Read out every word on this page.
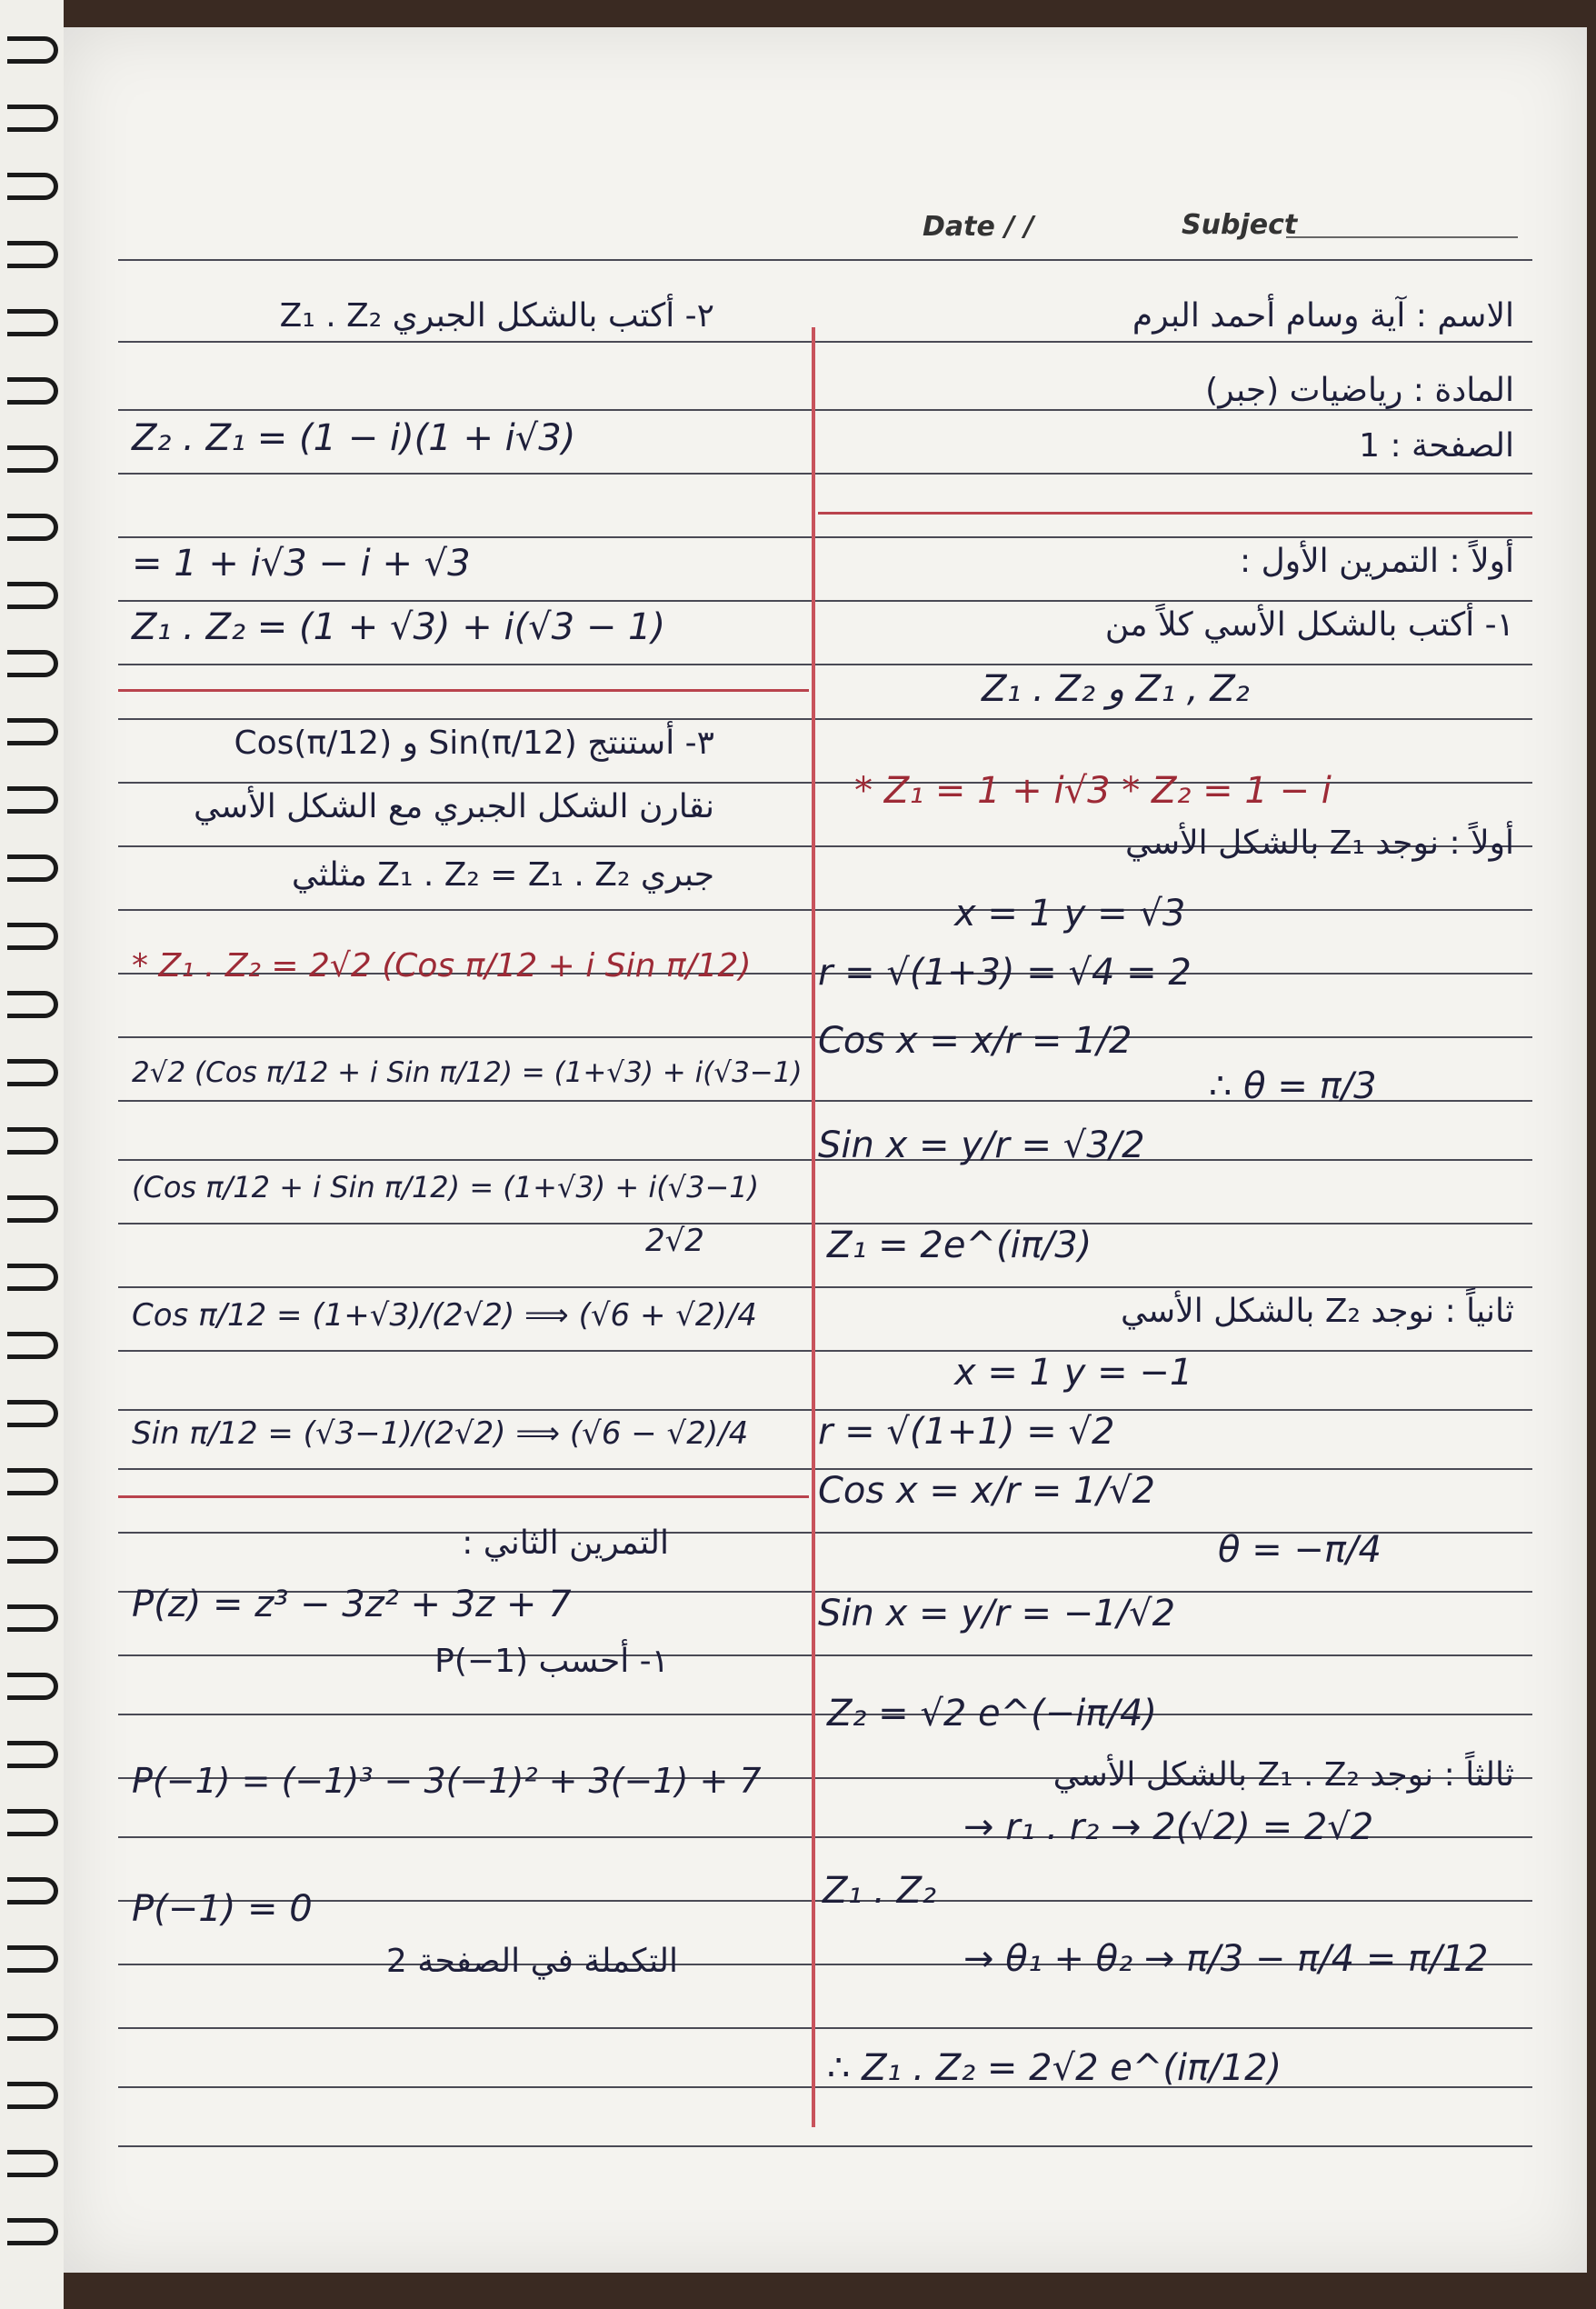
Date / /	Subject
الاسم : آية وسام أحمد البرم
المادة : رياضيات (جبر)
الصفحة : 1
أولاً : التمرين الأول :
١- أكتب بالشكل الأسي كلاً من
Z₁ , Z₂ و Z₁ . Z₂
* Z₁ = 1 + i√3 * Z₂ = 1 − i
أولاً : نوجد Z₁ بالشكل الأسي
x = 1 y = √3
r = √(1+3) = √4 = 2
Cos x = x/r = 1/2
∴ θ = π/3
Sin x = y/r = √3/2
Z₁ = 2e^(iπ/3)
ثانياً : نوجد Z₂ بالشكل الأسي
x = 1 y = −1
r = √(1+1) = √2
Cos x = x/r = 1/√2
θ = −π/4
Sin x = y/r = −1/√2
Z₂ = √2 e^(−iπ/4)
ثالثاً : نوجد Z₁ . Z₂ بالشكل الأسي
Z₁ . Z₂
→ r₁ . r₂ → 2(√2) = 2√2
→ θ₁ + θ₂ → π/3 − π/4 = π/12
∴ Z₁ . Z₂ = 2√2 e^(iπ/12)
٢- أكتب بالشكل الجبري Z₁ . Z₂
Z₂ . Z₁ = (1 − i)(1 + i√3)
= 1 + i√3 − i + √3
Z₁ . Z₂ = (1 + √3) + i(√3 − 1)
٣- أستنتج Sin(π/12) و Cos(π/12)
نقارن الشكل الجبري مع الشكل الأسي
جبري Z₁ . Z₂ = Z₁ . Z₂ مثلثي
* Z₁ . Z₂ = 2√2 (Cos π/12 + i Sin π/12)
2√2 (Cos π/12 + i Sin π/12) = (1+√3) + i(√3−1)
(Cos π/12 + i Sin π/12) = (1+√3) + i(√3−1)
2√2
Cos π/12 = (1+√3)/(2√2) ⟹ (√6 + √2)/4
Sin π/12 = (√3−1)/(2√2) ⟹ (√6 − √2)/4
التمرين الثاني :
P(z) = z³ − 3z² + 3z + 7
١- أحسب P(−1)
P(−1) = (−1)³ − 3(−1)² + 3(−1) + 7
P(−1) = 0
التكملة في الصفحة 2
